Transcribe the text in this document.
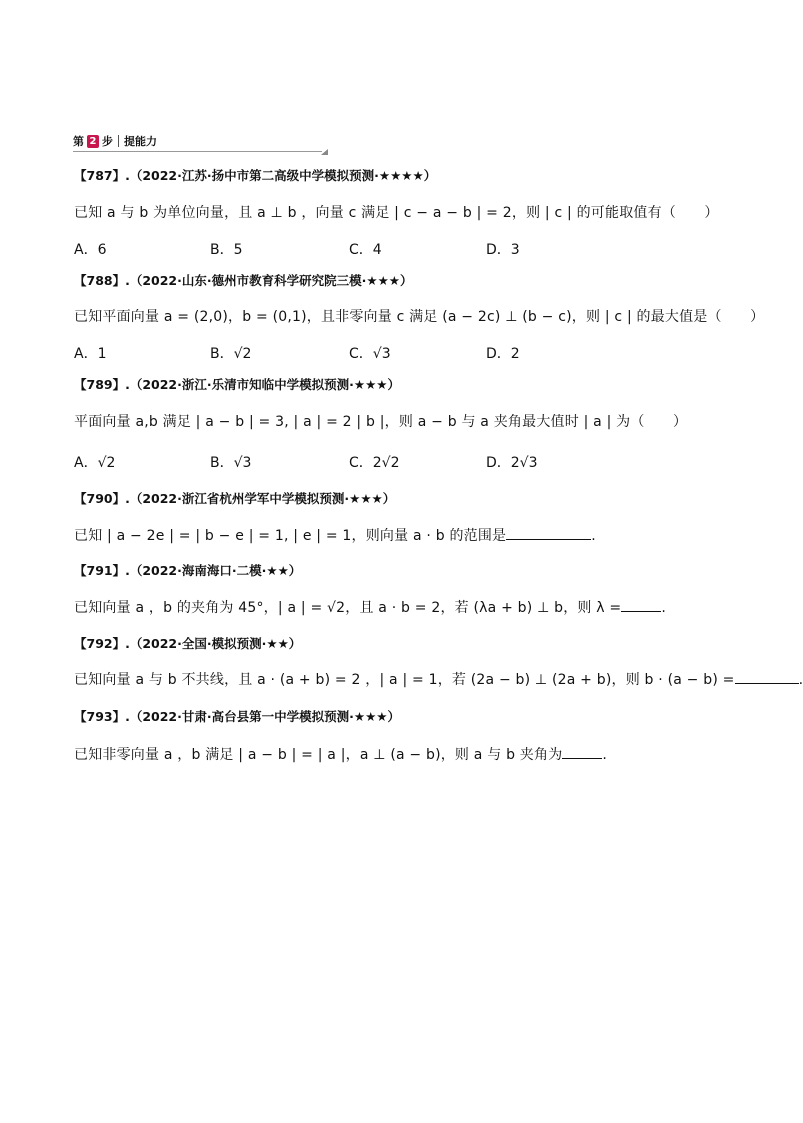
第 2 步 提能力
【787】.（2022·江苏·扬中市第二高级中学模拟预测·★★★★）
已知 a 与 b 为单位向量，且 a ⊥ b ，向量 c 满足 | c − a − b | = 2，则 | c | 的可能取值有（　　）
A．6	B．5	C．4	D．3
【788】.（2022·山东·德州市教育科学研究院三模·★★★）
已知平面向量 a = (2,0)，b = (0,1)，且非零向量 c 满足 (a − 2c) ⊥ (b − c)，则 | c | 的最大值是（　　）
A．1	B．√2	C．√3	D．2
【789】.（2022·浙江·乐清市知临中学模拟预测·★★★）
平面向量 a,b 满足 | a − b | = 3, | a | = 2 | b |，则 a − b 与 a 夹角最大值时 | a | 为（　　）
A．√2	B．√3	C．2√2	D．2√3
【790】.（2022·浙江省杭州学军中学模拟预测·★★★）
已知 | a − 2e | = | b − e | = 1, | e | = 1，则向量 a · b 的范围是	.
【791】.（2022·海南海口·二模·★★）
已知向量 a ，b 的夹角为 45°，| a | = √2，且 a · b = 2，若 (λa + b) ⊥ b，则 λ =	.
【792】.（2022·全国·模拟预测·★★）
已知向量 a 与 b 不共线，且 a · (a + b) = 2 ，| a | = 1，若 (2a − b) ⊥ (2a + b)，则 b · (a − b) =	.
【793】.（2022·甘肃·高台县第一中学模拟预测·★★★）
已知非零向量 a ，b 满足 | a − b | = | a |，a ⊥ (a − b)，则 a 与 b 夹角为	.
